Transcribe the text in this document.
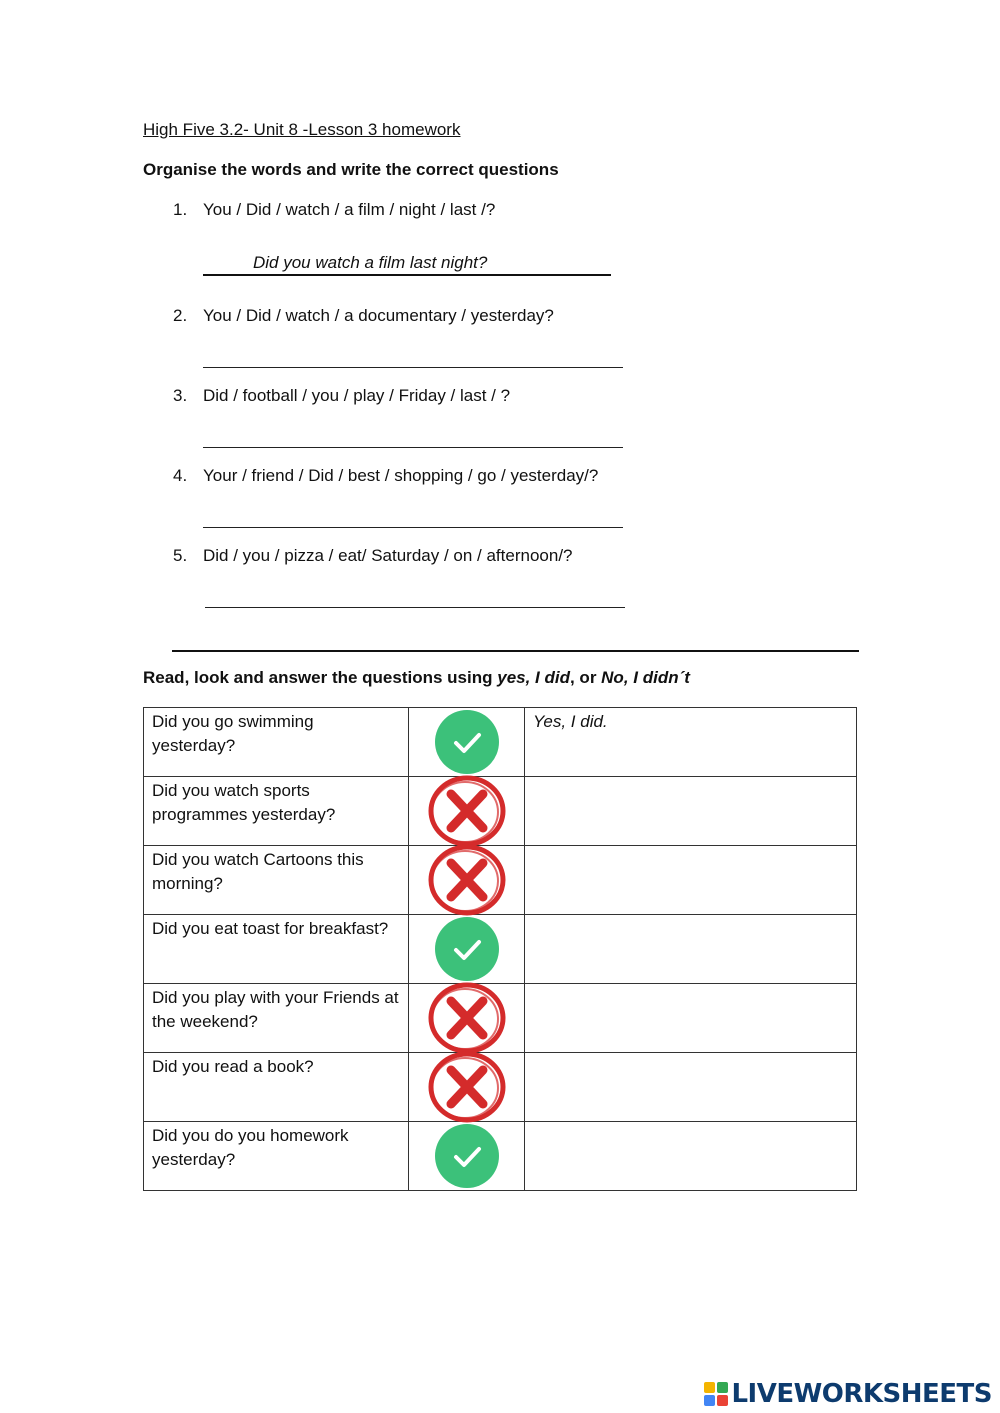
High Five 3.2- Unit 8 -Lesson 3 homework
Organise the words and write the correct questions
1. You / Did / watch / a film / night / last /?
Did you watch a film last night?
2. You / Did / watch / a documentary / yesterday?
3. Did / football / you / play / Friday / last / ?
4. Your / friend / Did / best / shopping / go / yesterday/?
5. Did / you / pizza / eat/ Saturday / on / afternoon/?
Read, look and answer the questions using yes, I did, or No, I didn´t
Did you go swimming yesterday?		Yes, I did.
Did you watch sports programmes yesterday?	

Did you watch Cartoons this morning?	

Did you eat toast for breakfast?	

Did you play with your Friends at the weekend?	

Did you read a book?	

Did you do you homework yesterday?	

LIVEWORKSHEETS
